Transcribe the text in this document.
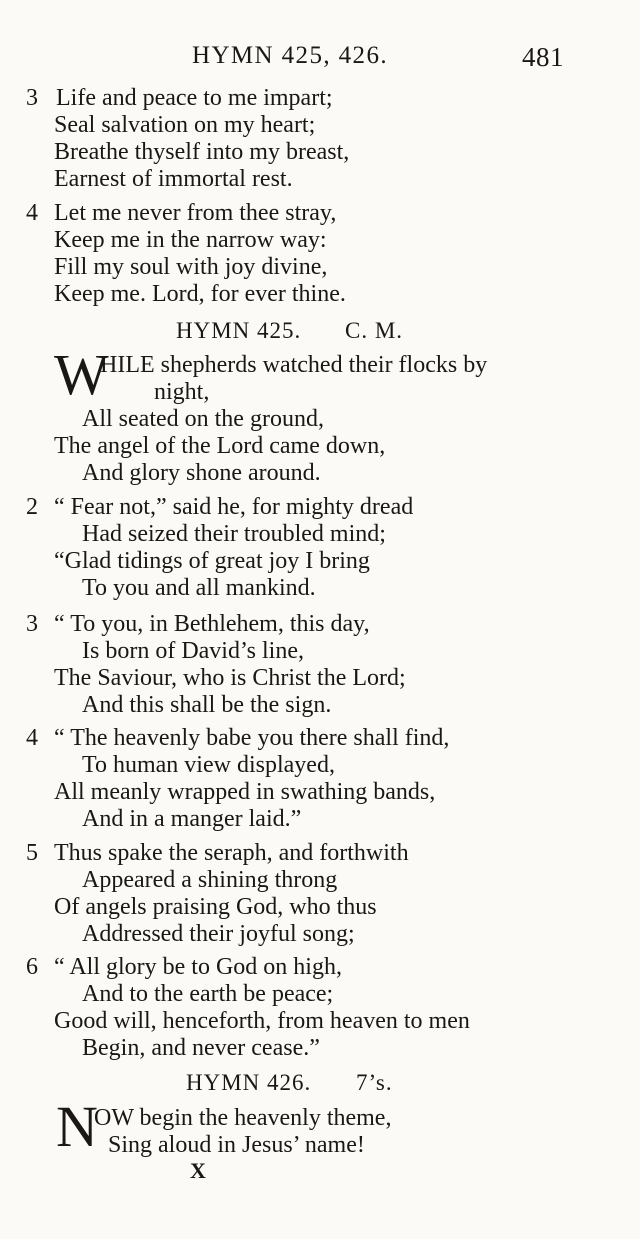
HYMN 425, 426.	481
3 Life and peace to me impart;
Seal salvation on my heart;
Breathe thyself into my breast,
Earnest of immortal rest.
4 Let me never from thee stray,
Keep me in the narrow way:
Fill my soul with joy divine,
Keep me. Lord, for ever thine.
HYMN 425. C. M.
W
HILE shepherds watched their flocks by
night,
All seated on the ground,
The angel of the Lord came down,
And glory shone around.
2 “ Fear not,” said he, for mighty dread
Had seized their troubled mind;
“Glad tidings of great joy I bring
To you and all mankind.
3 “ To you, in Bethlehem, this day,
Is born of David’s line,
The Saviour, who is Christ the Lord;
And this shall be the sign.
4 “ The heavenly babe you there shall find,
To human view displayed,
All meanly wrapped in swathing bands,
And in a manger laid.”
5 Thus spake the seraph, and forthwith
Appeared a shining throng
Of angels praising God, who thus
Addressed their joyful song;
6 “ All glory be to God on high,
And to the earth be peace;
Good will, henceforth, from heaven to men
Begin, and never cease.”
HYMN 426. 7’s.
N
OW begin the heavenly theme,
Sing aloud in Jesus’ name!
X
